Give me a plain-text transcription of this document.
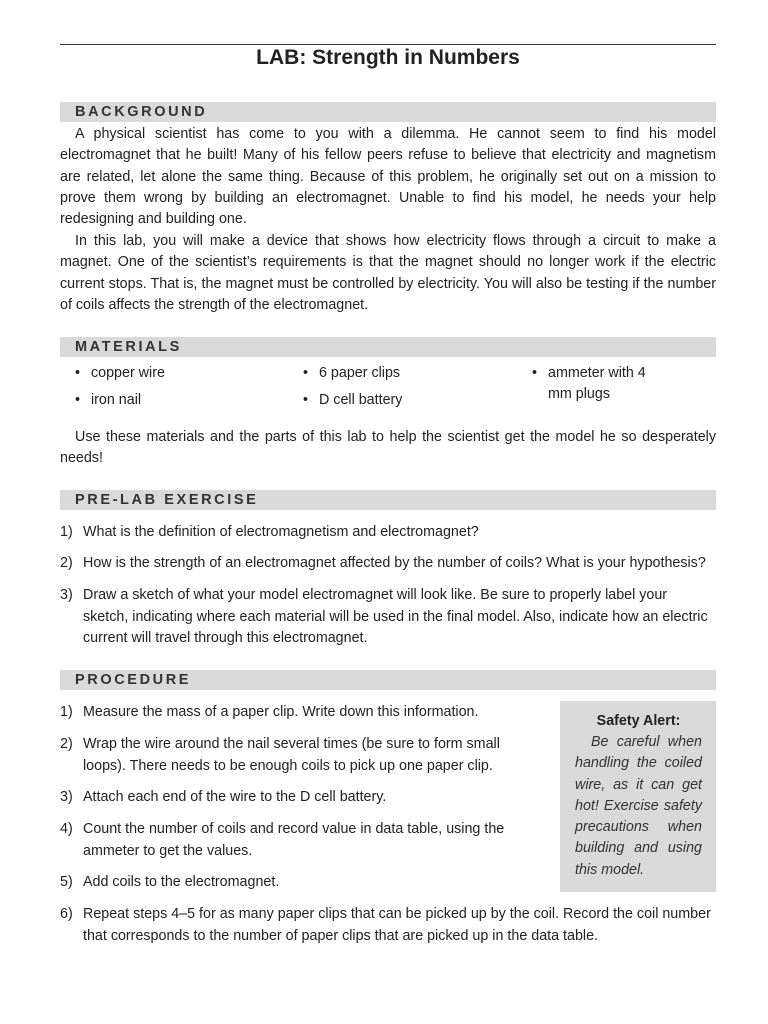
LAB: Strength in Numbers
BACKGROUND

A physical scientist has come to you with a dilemma. He cannot seem to find his model electromagnet that he built! Many of his fellow peers refuse to believe that electricity and magnetism are related, let alone the same thing. Because of this problem, he originally set out on a mission to prove them wrong by building an electromagnet. Unable to find his model, he needs your help redesigning and building one.

In this lab, you will make a device that shows how electricity flows through a circuit to make a magnet. One of the scientist’s requirements is that the magnet should no longer work if the electric current stops. That is, the magnet must be controlled by electricity. You will also be testing if the number of coils affects the strength of the electromagnet.

MATERIALS
• copper wire
• iron nail
• 6 paper clips
• D cell battery
• ammeter with 4 mm plugs

Use these materials and the parts of this lab to help the scientist get the model he so desperately needs!

PRE-LAB EXERCISE
1) What is the definition of electromagnetism and electromagnet?
2) How is the strength of an electromagnet affected by the number of coils? What is your hypothesis?
3) Draw a sketch of what your model electromagnet will look like. Be sure to properly label your sketch, indicating where each material will be used in the final model. Also, indicate how an electric current will travel through this electromagnet.
PROCEDURE
1) Measure the mass of a paper clip. Write down this information.
2) Wrap the wire around the nail several times (be sure to form small loops). There needs to be enough coils to pick up one paper clip.
3) Attach each end of the wire to the D cell battery.
4) Count the number of coils and record value in data table, using the ammeter to get the values.
5) Add coils to the electromagnet.
6) Repeat steps 4–5 for as many paper clips that can be picked up by the coil. Record the coil number that corresponds to the number of paper clips that are picked up in the data table.
Safety Alert:
Be careful when handling the coiled wire, as it can get hot! Exercise safety precautions when building and using this model.
